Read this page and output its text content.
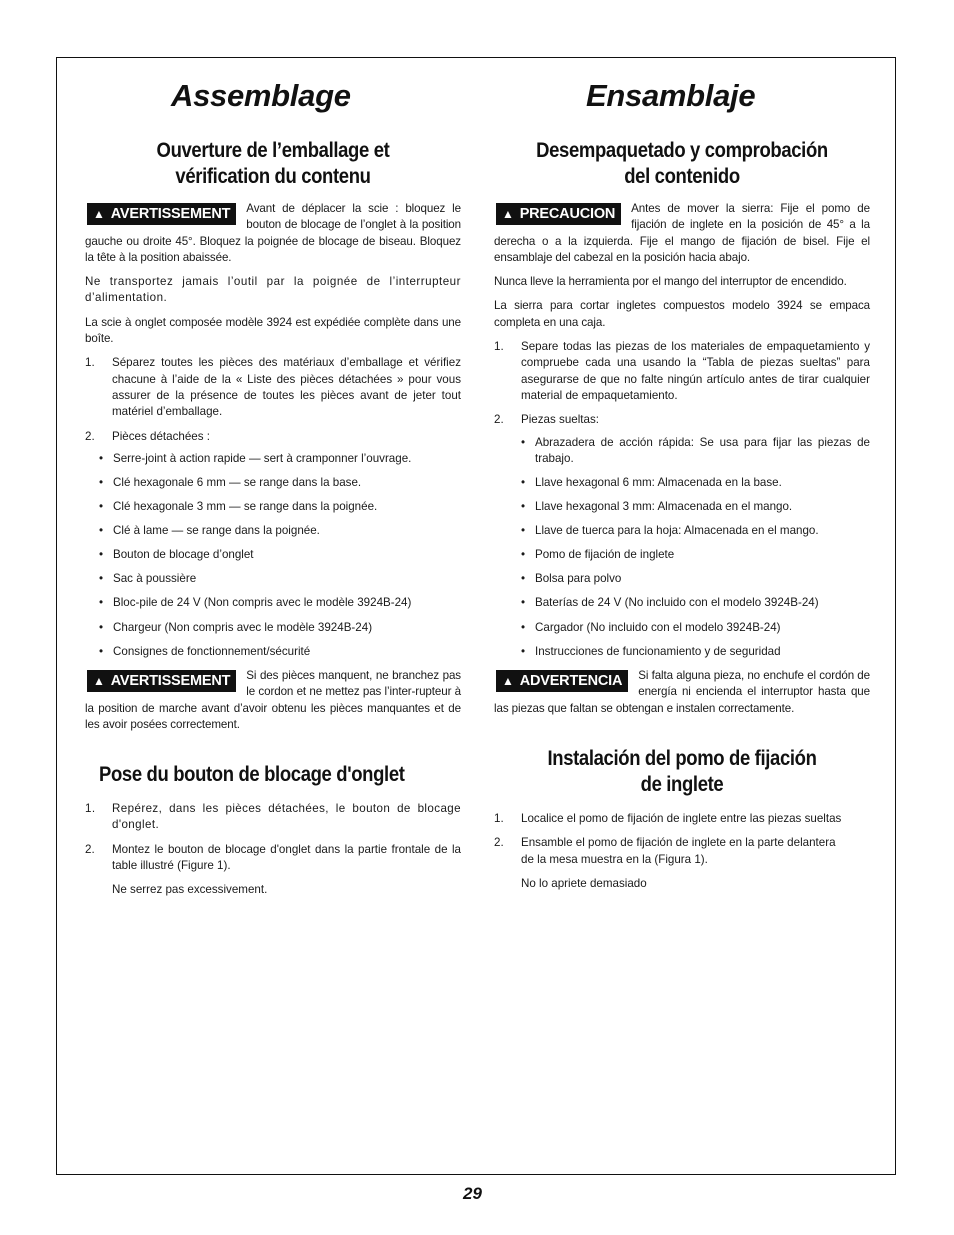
Assemblage
Ouverture de l’emballage et
vérification du contenu

▲ AVERTISSEMENT Avant de déplacer la scie : bloquez le bouton de blocage de l’onglet à la position gauche ou droite 45°. Bloquez la poignée de blocage de biseau. Bloquez la tête à la position abaissée.

Ne transportez jamais l’outil par la poignée de l’interrupteur d’alimentation.

La scie à onglet composée modèle 3924 est expédiée complète dans une boîte.

1. Séparez toutes les pièces des matériaux d’emballage et vérifiez chacune à l’aide de la « Liste des pièces détachées » pour vous assurer de la présence de toutes les pièces avant de jeter tout matériel d’emballage.
2. Pièces détachées :
• Serre-joint à action rapide — sert à cramponner l’ouvrage.
• Clé hexagonale 6 mm — se range dans la base.
• Clé hexagonale 3 mm — se range dans la poignée.
• Clé à lame — se range dans la poignée.
• Bouton de blocage d’onglet
• Sac à poussière
• Bloc-pile de 24 V (Non compris avec le modèle 3924B-24)
• Chargeur (Non compris avec le modèle 3924B-24)
• Consignes de fonctionnement/sécurité

▲ AVERTISSEMENT Si des pièces manquent, ne branchez pas le cordon et ne mettez pas l’inter-rupteur à la position de marche avant d’avoir obtenu les pièces manquantes et de les avoir posées correctement.

Pose du bouton de blocage d'onglet
1. Repérez, dans les pièces détachées, le bouton de blocage d'onglet.
2. Montez le bouton de blocage d'onglet dans la partie frontale de la table illustré (Figure 1).

Ne serrez pas excessivement.

Ensamblaje
Desempaquetado y comprobación
del contenido

▲ PRECAUCION Antes de mover la sierra: Fije el pomo de fijación de inglete en la posición de 45° a la derecha o a la izquierda. Fije el mango de fijación de bisel. Fije el ensamblaje del cabezal en la posición hacia abajo.

Nunca lleve la herramienta por el mango del interruptor de encendido.

La sierra para cortar ingletes compuestos modelo 3924 se empaca completa en una caja.

1. Separe todas las piezas de los materiales de empaquetamiento y compruebe cada una usando la “Tabla de piezas sueltas” para asegurarse de que no falte ningún artículo antes de tirar cualquier material de empaquetamiento.
2. Piezas sueltas:
• Abrazadera de acción rápida: Se usa para fijar las piezas de trabajo.
• Llave hexagonal 6 mm: Almacenada en la base.
• Llave hexagonal 3 mm: Almacenada en el mango.
• Llave de tuerca para la hoja: Almacenada en el mango.
• Pomo de fijación de inglete
• Bolsa para polvo
• Baterías de 24 V (No incluido con el modelo 3924B-24)
• Cargador (No incluido con el modelo 3924B-24)
• Instrucciones de funcionamiento y de seguridad

▲ ADVERTENCIA Si falta alguna pieza, no enchufe el cordón de energía ni encienda el interruptor hasta que las piezas que faltan se obtengan e instalen correctamente.

Instalación del pomo de fijación
de inglete
1. Localice el pomo de fijación de inglete entre las piezas sueltas
2. Ensamble el pomo de fijación de inglete en la parte delantera de la mesa muestra en la (Figura 1).

No lo apriete demasiado

29
